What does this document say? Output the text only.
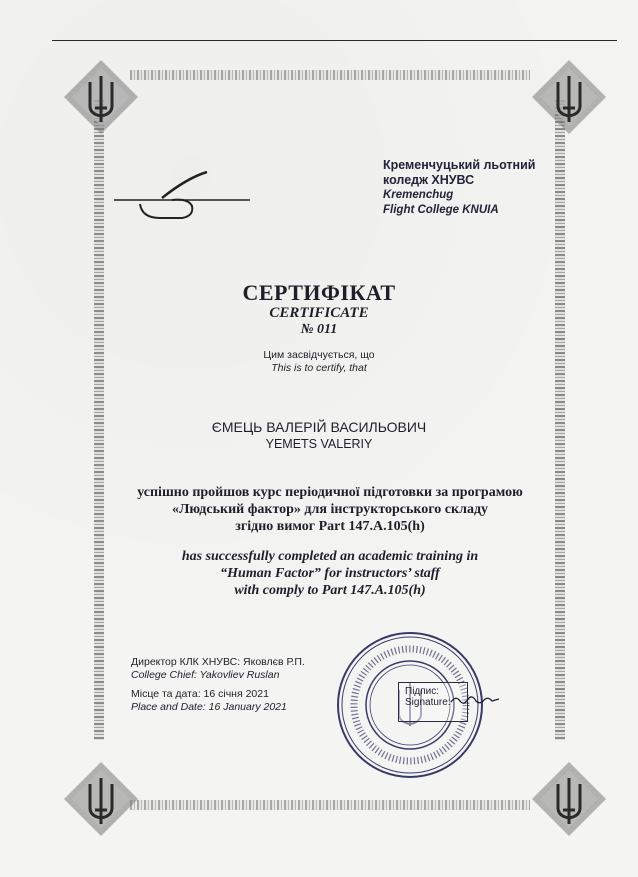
Кременчуцький льотний
коледж ХНУВС
Kremenchug
Flight College KNUIA
СЕРТИФІКАТ
CERTIFICATE
№ 011
Цим засвідчується, що
This is to certify, that
ЄМЕЦЬ ВАЛЕРІЙ ВАСИЛЬОВИЧ
YEMETS VALERIY
успішно пройшов курс періодичної підготовки за програмою
«Людський фактор» для інструкторського складу
згідно вимог Part 147.A.105(h)
has successfully completed an academic training in
“Human Factor” for instructors’ staff
with comply to Part 147.A.105(h)
Директор КЛК ХНУВС: Яковлєв Р.П.
College Chief: Yakovliev Ruslan
Місце та дата: 16 січня 2021
Place and Date: 16 January 2021
Підпис:
Signature:
